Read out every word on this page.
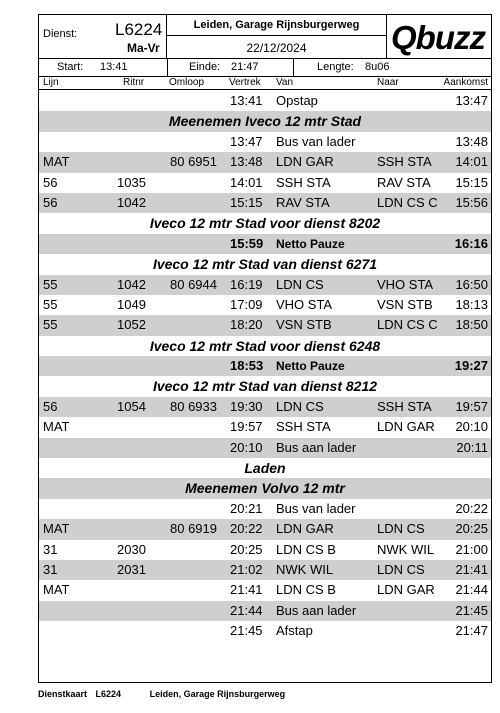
Dienst: L6224
Ma-Vr
Leiden, Garage Rijnsburgerweg
22/12/2024	Qbuzz
Start: 13:41	Einde: 21:47	Lengte: 8u06
Lijn	Ritnr Omloop Vertrek Van	Naar	Aankomst
13:41 Opstap	13:47
Meenemen Iveco 12 mtr Stad
13:47 Bus van lader	13:48
MAT	80 6951 13:48 LDN GAR	SSH STA 14:01
56	1035	14:01 SSH STA	RAV STA 15:15
56	1042	15:15 RAV STA	LDN CS C 15:56
Iveco 12 mtr Stad voor dienst 8202
15:59 Netto Pauze	16:16
Iveco 12 mtr Stad van dienst 6271
55	1042 80 6944 16:19 LDN CS	VHO STA 16:50
55	1049	17:09 VHO STA	VSN STB 18:13
55	1052	18:20 VSN STB	LDN CS C 18:50
Iveco 12 mtr Stad voor dienst 6248
18:53 Netto Pauze	19:27
Iveco 12 mtr Stad van dienst 8212
56	1054 80 6933 19:30 LDN CS	SSH STA 19:57
MAT	19:57 SSH STA	LDN GAR 20:10
20:10 Bus aan lader	20:11
Laden
Meenemen Volvo 12 mtr
20:21 Bus van lader	20:22
MAT	80 6919 20:22 LDN GAR	LDN CS 20:25
31	2030	20:25 LDN CS B	NWK WIL 21:00
31	2031	21:02 NWK WIL	LDN CS 21:41
MAT	21:41 LDN CS B	LDN GAR 21:44
21:44 Bus aan lader	21:45
21:45 Afstap	21:47
Dienstkaart L6224	Leiden, Garage Rijnsburgerweg
